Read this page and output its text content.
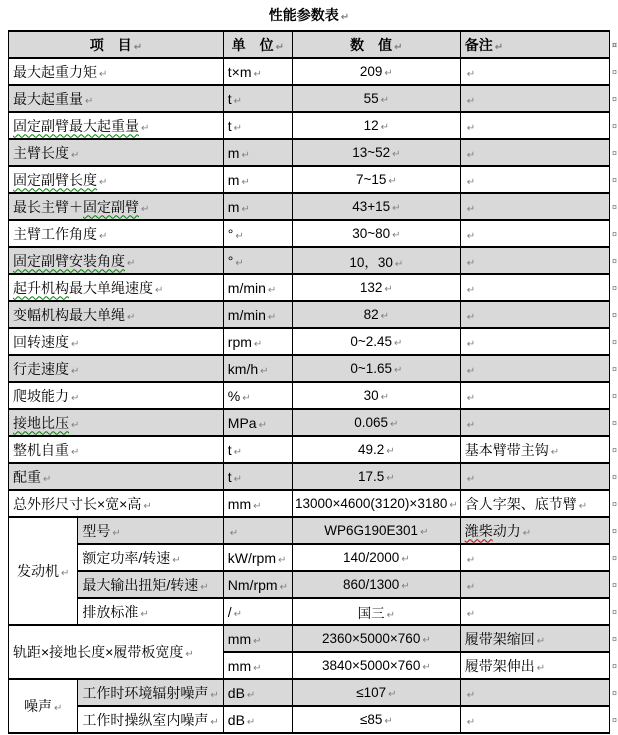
性能参数表 ↵
项　目 ↵		单　位 ↵	数　值 ↵	备注 ↵	¤
最大起重力矩 ↵		t×m ↵	209 ↵	↵	¤
最大起重量 ↵		t ↵	55 ↵	↵	¤
固定副臂最大起重量 ↵		t ↵	12 ↵	↵	¤
主臂长度 ↵		m ↵	13~52 ↵	↵	¤
固定副臂长度 ↵		m ↵	7~15 ↵	↵	¤
最长主臂＋固定副臂 ↵		m ↵	43+15 ↵	↵	¤
主臂工作角度 ↵		° ↵	30~80 ↵	↵	¤
固定副臂安装角度 ↵		° ↵	10，30 ↵	↵	¤
起升机构最大单绳速度 ↵		m/min ↵	132 ↵	↵	¤
变幅机构最大单绳 ↵		m/min ↵	82 ↵	↵	¤
回转速度 ↵		rpm ↵	0~2.45 ↵	↵	¤
行走速度 ↵		km/h ↵	0~1.65 ↵	↵	¤
爬坡能力 ↵		% ↵	30 ↵	↵	¤
接地比压 ↵		MPa ↵	0.065 ↵	↵	¤
整机自重 ↵		t ↵	49.2 ↵	基本臂带主钩 ↵	¤
配重 ↵		t ↵	17.5 ↵	↵	¤
总外形尺寸长×宽×高 ↵		mm ↵	13000×4600(3120)×3180 ↵	含人字架、底节臂 ↵	¤
发动机 ↵	型号 ↵	↵	WP6G190E301 ↵	潍柴动力 ↵	¤
	额定功率/转速 ↵	kW/rpm ↵	140/2000 ↵	↵	¤
	最大输出扭矩/转速 ↵	Nm/rpm ↵	860/1300 ↵	↵	¤
	排放标准 ↵	/ ↵	国三 ↵	↵	¤
轨距×接地长度×履带板宽度 ↵		mm ↵	2360×5000×760 ↵	履带架缩回 ↵	¤
		mm ↵	3840×5000×760 ↵	履带架伸出 ↵	¤
噪声 ↵	工作时环境辐射噪声 ↵	dB ↵	≤107 ↵	↵	¤
	工作时操纵室内噪声 ↵	dB ↵	≤85 ↵	↵	¤
